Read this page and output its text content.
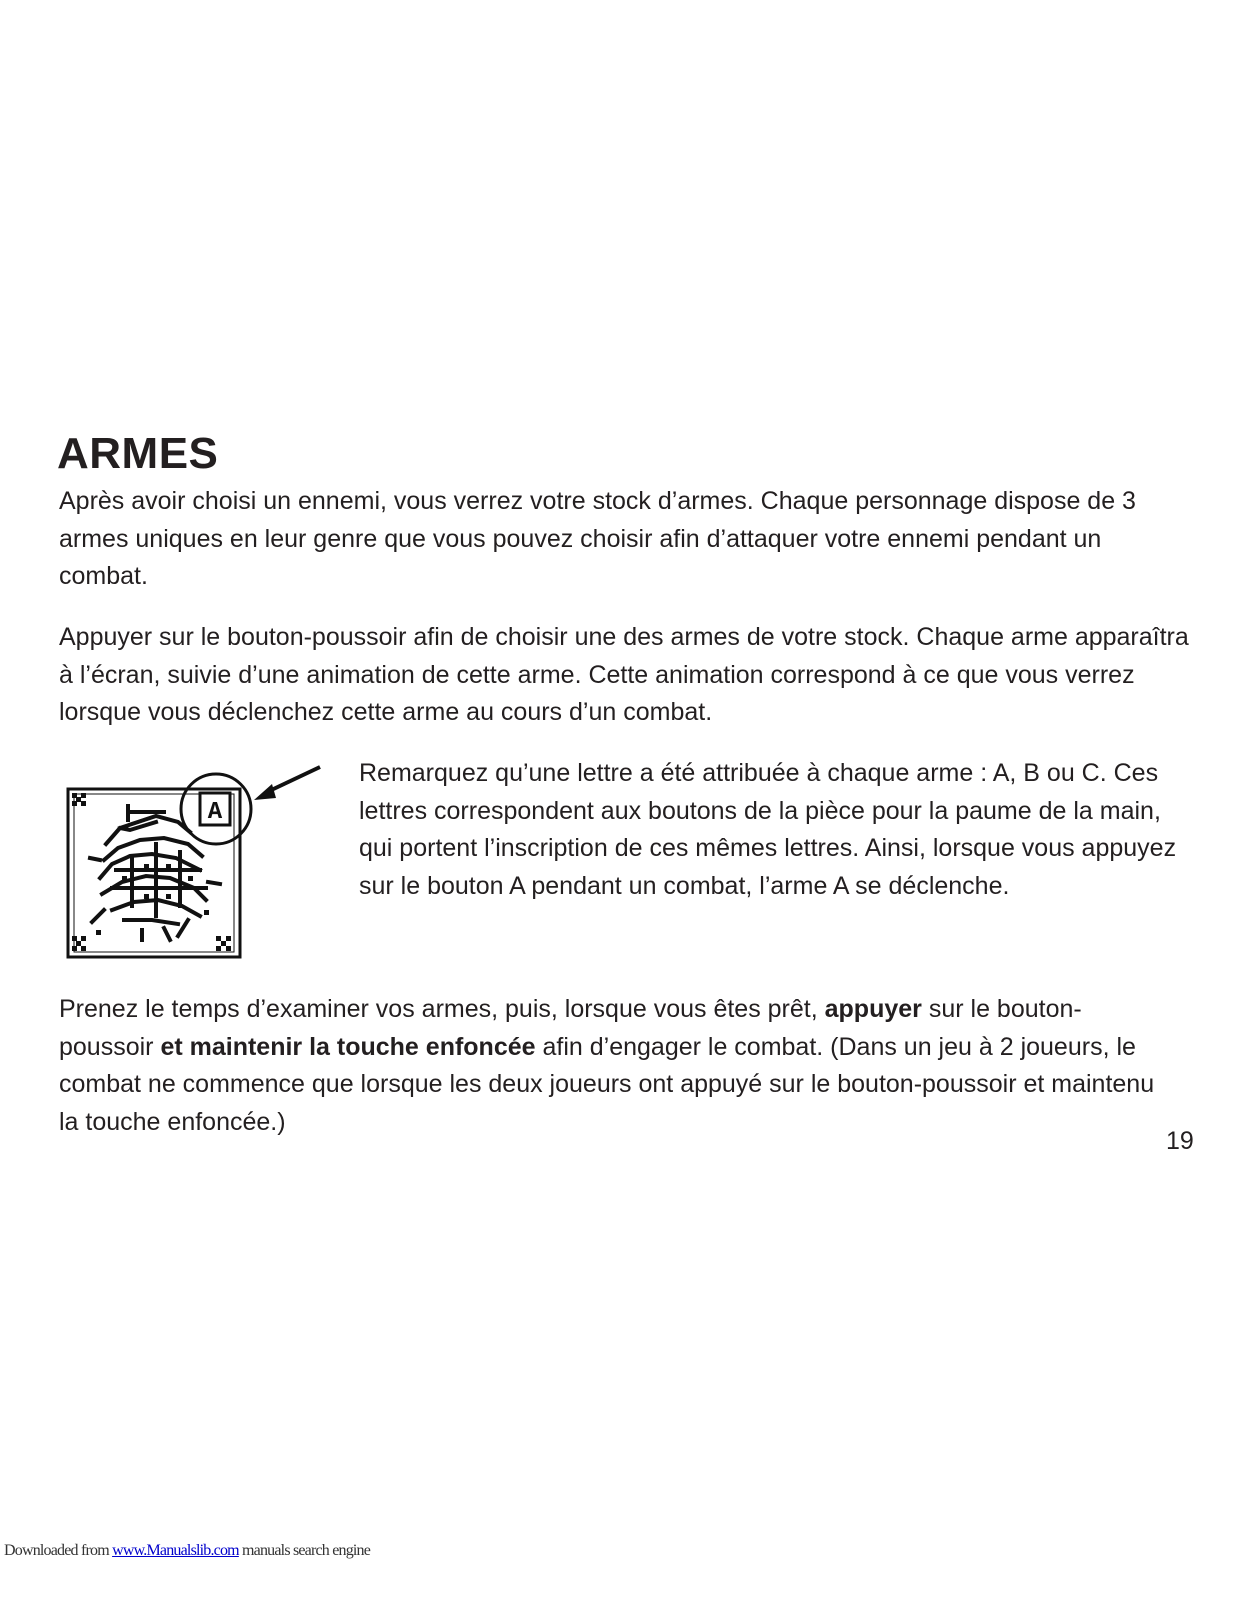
ARMES

Après avoir choisi un ennemi, vous verrez votre stock d’armes. Chaque personnage dispose de 3 armes uniques en leur genre que vous pouvez choisir afin d’attaquer votre ennemi pendant un combat.

Appuyer sur le bouton-poussoir afin de choisir une des armes de votre stock. Chaque arme apparaîtra à l’écran, suivie d’une animation de cette arme. Cette animation correspond à ce que vous verrez lorsque vous déclenchez cette arme au cours d’un combat.

A

Remarquez qu’une lettre a été attribuée à chaque arme : A, B ou C. Ces lettres correspondent aux boutons de la pièce pour la paume de la main, qui portent l’inscription de ces mêmes lettres. Ainsi, lorsque vous appuyez sur le bouton A pendant un combat, l’arme A se déclenche.

Prenez le temps d’examiner vos armes, puis, lorsque vous êtes prêt, appuyer sur le bouton-poussoir et maintenir la touche enfoncée afin d’engager le combat. (Dans un jeu à 2 joueurs, le combat ne commence que lorsque les deux joueurs ont appuyé sur le bouton-poussoir et maintenu la touche enfoncée.)

19
Downloaded from www.Manualslib.com manuals search engine
